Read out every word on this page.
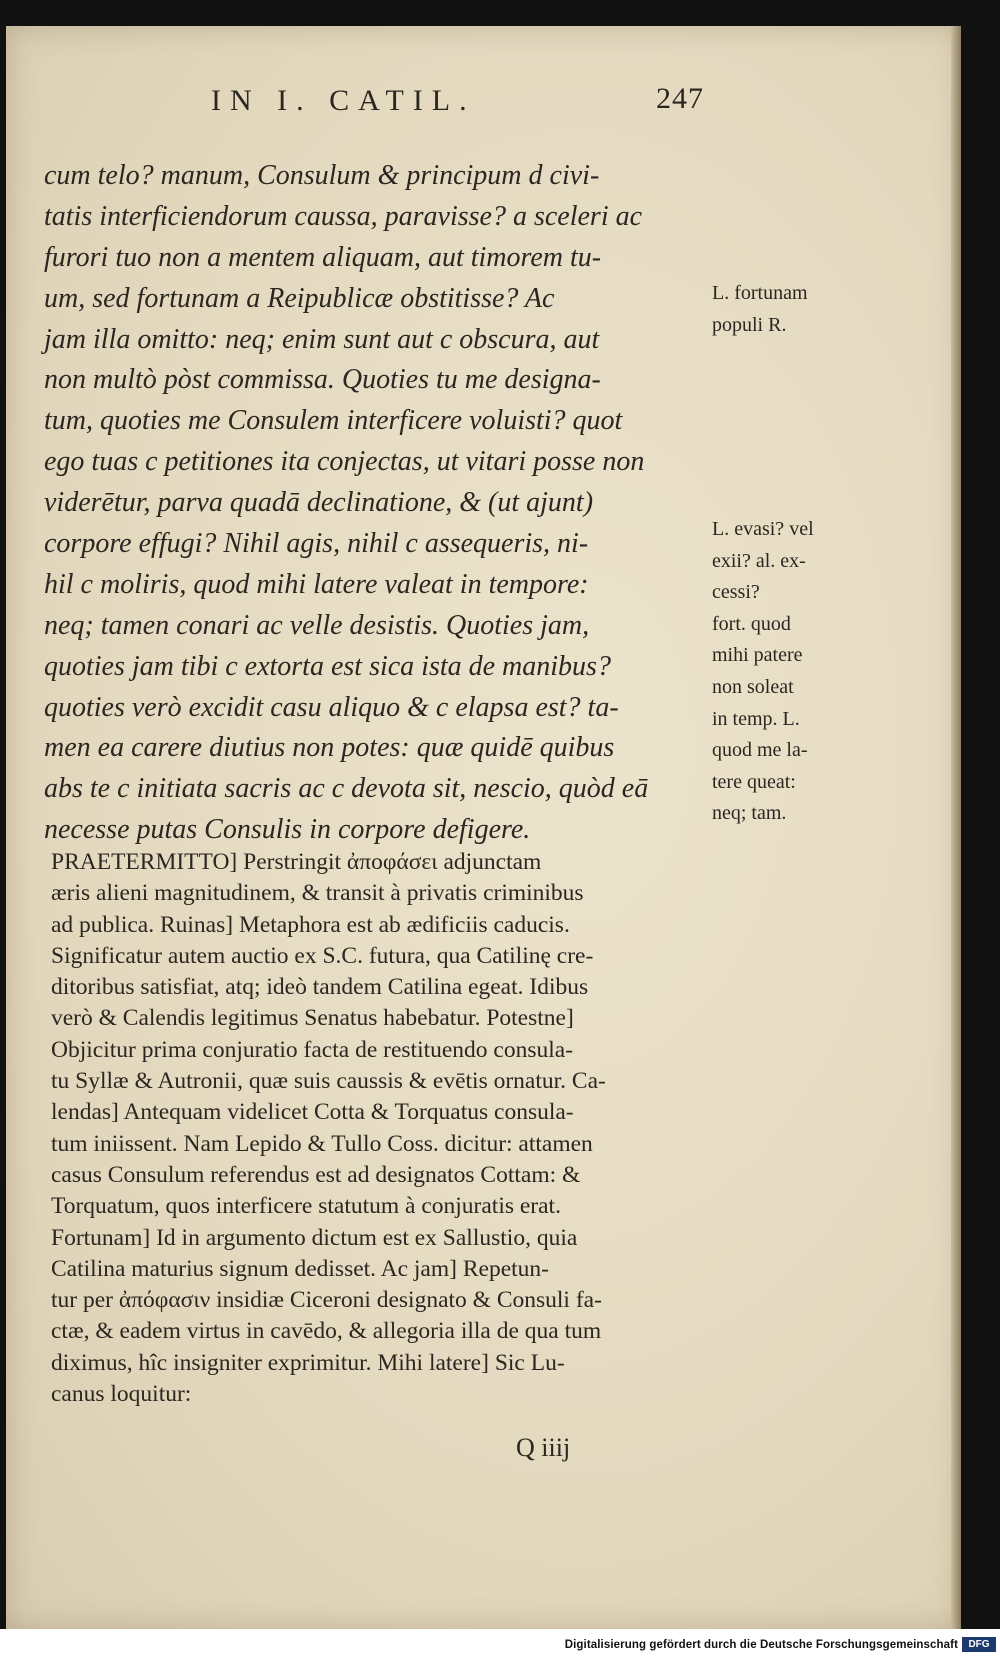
IN I. CATIL.	247
cum telo? manum, Consulum & principum d civi-
tatis interficiendorum caussa, paravisse? a sceleri ac
furori tuo non a mentem aliquam, aut timorem tu-
um, sed fortunam a Reipublicæ obstitisse? Ac
jam illa omitto: neq; enim sunt aut c obscura, aut
non multò pòst commissa. Quoties tu me designa-
tum, quoties me Consulem interficere voluisti? quot
ego tuas c petitiones ita conjectas, ut vitari posse non
viderētur, parva quadā declinatione, & (ut ajunt)
corpore effugi? Nihil agis, nihil c assequeris, ni-
hil c moliris, quod mihi latere valeat in tempore:
neq; tamen conari ac velle desistis. Quoties jam,
quoties jam tibi c extorta est sica ista de manibus?
quoties verò excidit casu aliquo & c elapsa est? ta-
men ea carere diutius non potes: quæ quidē quibus
abs te c initiata sacris ac c devota sit, nescio, quòd eā
necesse putas Consulis in corpore defigere.
L. fortunam
populi R.
L. evasi? vel
exii? al. ex-
cessi?
fort. quod
mihi patere
non soleat
in temp. L.
quod me la-
tere queat:
neq; tam.
PRAETERMITTO] Perstringit ἀποφάσει adjunctam
æris alieni magnitudinem, & transit à privatis criminibus
ad publica. Ruinas] Metaphora est ab ædificiis caducis.
Significatur autem auctio ex S.C. futura, qua Catilinę cre-
ditoribus satisfiat, atq; ideò tandem Catilina egeat. Idibus
verò & Calendis legitimus Senatus habebatur. Potestne]
Objicitur prima conjuratio facta de restituendo consula-
tu Syllæ & Autronii, quæ suis caussis & evētis ornatur. Ca-
lendas] Antequam videlicet Cotta & Torquatus consula-
tum iniissent. Nam Lepido & Tullo Coss. dicitur: attamen
casus Consulum referendus est ad designatos Cottam: &
Torquatum, quos interficere statutum à conjuratis erat.
Fortunam] Id in argumento dictum est ex Sallustio, quia
Catilina maturius signum dedisset. Ac jam] Repetun-
tur per ἀπόφασιν insidiæ Ciceroni designato & Consuli fa-
ctæ, & eadem virtus in cavēdo, & allegoria illa de qua tum
diximus, hîc insigniter exprimitur. Mihi latere] Sic Lu-
canus loquitur:
Q iiij
Digitalisierung gefördert durch die Deutsche Forschungsgemeinschaft	DFG
